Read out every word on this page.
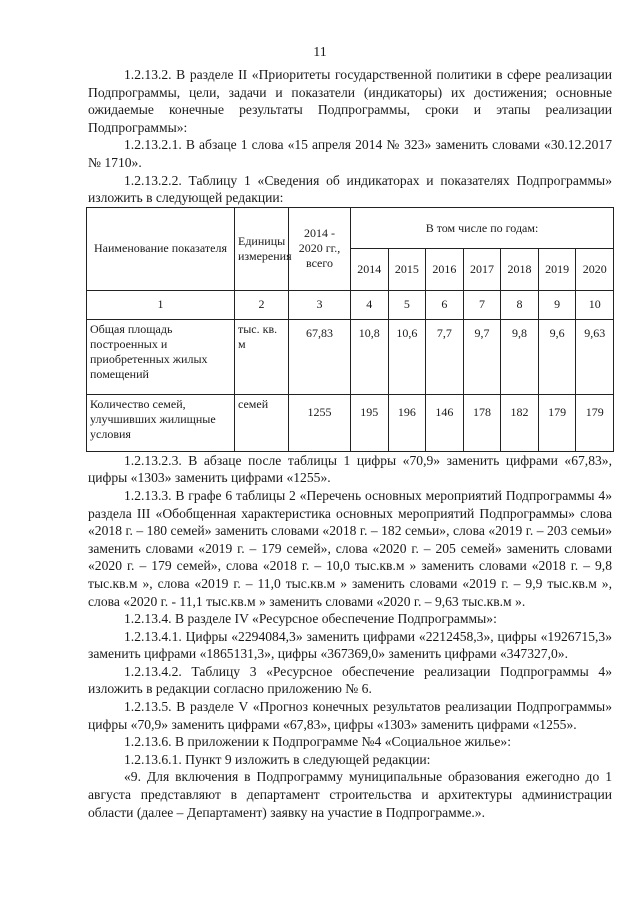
11

1.2.13.2. В разделе II «Приоритеты государственной политики в сфере реализации Подпрограммы, цели, задачи и показатели (индикаторы) их достижения; основные ожидаемые конечные результаты Подпрограммы, сроки и этапы реализации Подпрограммы»:

1.2.13.2.1. В абзаце 1 слова «15 апреля 2014 № 323» заменить словами «30.12.2017 № 1710».

1.2.13.2.2. Таблицу 1 «Сведения об индикаторах и показателях Подпрограммы» изложить в следующей редакции:

Наименование показателя	Единицы измерения	2014 - 2020 гг., всего	В том числе по годам:						
			2014	2015	2016	2017	2018	2019	2020
1	2	3	4	5	6	7	8	9	10
Общая площадь построенных и приобретенных жилых помещений	тыс. кв. м	67,83	10,8	10,6	7,7	9,7	9,8	9,6	9,63
Количество семей, улучшивших жилищные условия	семей	1255	195	196	146	178	182	179	179

1.2.13.2.3. В абзаце после таблицы 1 цифры «70,9» заменить цифрами «67,83», цифры «1303» заменить цифрами «1255».

1.2.13.3. В графе 6 таблицы 2 «Перечень основных мероприятий Подпрограммы 4» раздела III «Обобщенная характеристика основных мероприятий Подпрограммы» слова «2018 г. – 180 семей» заменить словами «2018 г. – 182 семьи», слова «2019 г. – 203 семьи» заменить словами «2019 г. – 179 семей», слова «2020 г. – 205 семей» заменить словами «2020 г. – 179 семей», слова «2018 г. – 10,0 тыс.кв.м » заменить словами «2018 г. – 9,8 тыс.кв.м », слова «2019 г. – 11,0 тыс.кв.м » заменить словами «2019 г. – 9,9 тыс.кв.м », слова «2020 г. - 11,1 тыс.кв.м » заменить словами «2020 г. – 9,63 тыс.кв.м ».

1.2.13.4. В разделе IV «Ресурсное обеспечение Подпрограммы»:

1.2.13.4.1. Цифры «2294084,3» заменить цифрами «2212458,3», цифры «1926715,3» заменить цифрами «1865131,3», цифры «367369,0» заменить цифрами «347327,0».

1.2.13.4.2. Таблицу 3 «Ресурсное обеспечение реализации Подпрограммы 4» изложить в редакции согласно приложению № 6.

1.2.13.5. В разделе V «Прогноз конечных результатов реализации Подпрограммы» цифры «70,9» заменить цифрами «67,83», цифры «1303» заменить цифрами «1255».

1.2.13.6. В приложении к Подпрограмме №4 «Социальное жилье»:

1.2.13.6.1. Пункт 9 изложить в следующей редакции:

«9. Для включения в Подпрограмму муниципальные образования ежегодно до 1 августа представляют в департамент строительства и архитектуры администрации области (далее – Департамент) заявку на участие в Подпрограмме.».
